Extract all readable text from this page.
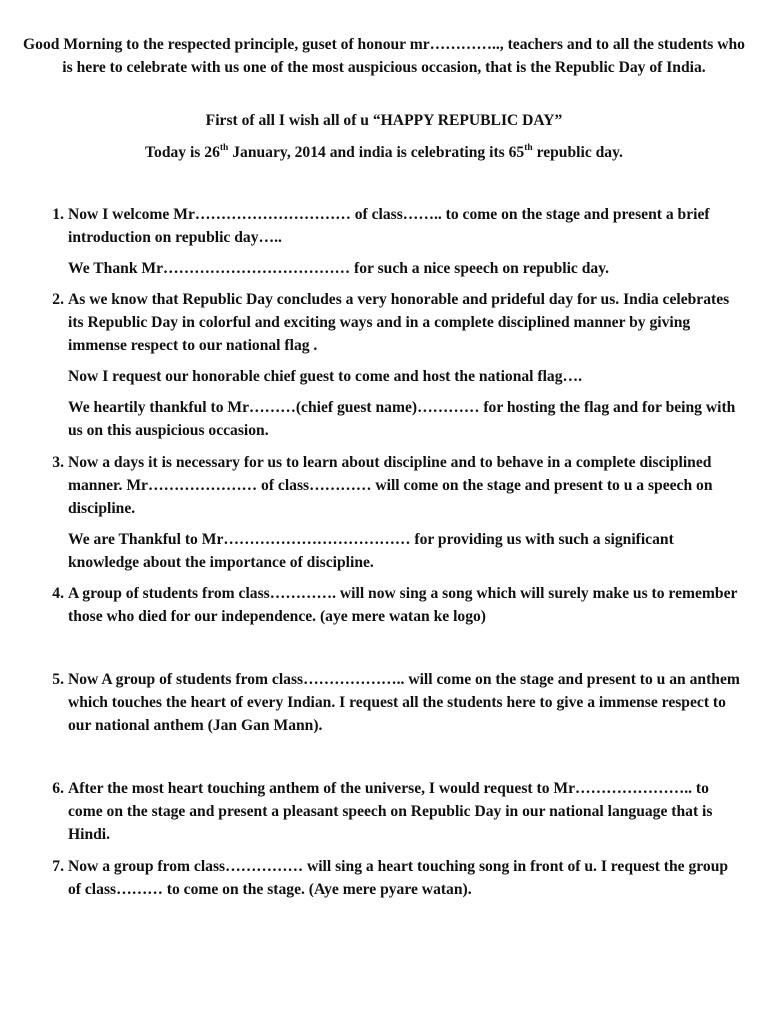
Good Morning to the respected principle, guset of honour mr………….., teachers and to all the students who is here to celebrate with us one of the most auspicious occasion, that is the Republic Day of India.

First of all I wish all of u “HAPPY REPUBLIC DAY”

Today is 26th January, 2014 and india is celebrating its 65th republic day.

1. Now I welcome Mr………………………… of class…….. to come on the stage and present a brief introduction on republic day…..

We Thank Mr……………………………… for such a nice speech on republic day.

2. As we know that Republic Day concludes a very honorable and prideful day for us. India celebrates its Republic Day in colorful and exciting ways and in a complete disciplined manner by giving immense respect to our national flag .

Now I request our honorable chief guest to come and host the national flag….

We heartily thankful to Mr………(chief guest name)………… for hosting the flag and for being with us on this auspicious occasion.

3. Now a days it is necessary for us to learn about discipline and to behave in a complete disciplined manner. Mr………………… of class………… will come on the stage and present to u a speech on discipline.

We are Thankful to Mr……………………………… for providing us with such a significant knowledge about the importance of discipline.

4. A group of students from class…………. will now sing a song which will surely make us to remember those who died for our independence. (aye mere watan ke logo)

5. Now A group of students from class……………….. will come on the stage and present to u an anthem which touches the heart of every Indian. I request all the students here to give a immense respect to our national anthem (Jan Gan Mann).

6. After the most heart touching anthem of the universe, I would request to Mr………………….. to come on the stage and present a pleasant speech on Republic Day in our national language that is Hindi.

7. Now a group from class…………… will sing a heart touching song in front of u. I request the group of class……… to come on the stage. (Aye mere pyare watan).
